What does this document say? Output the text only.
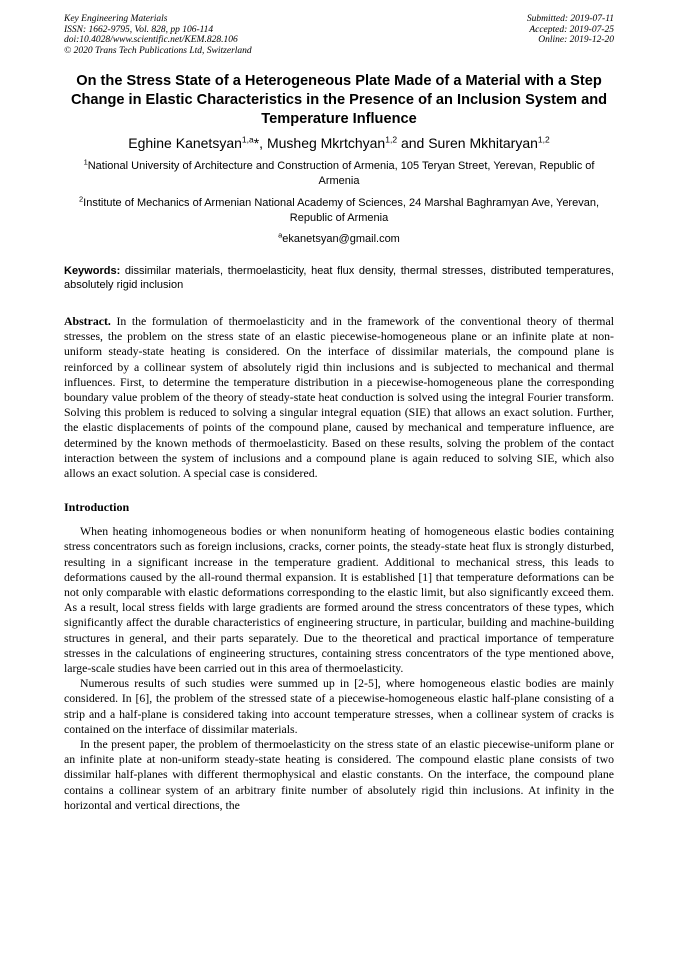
Key Engineering Materials
ISSN: 1662-9795, Vol. 828, pp 106-114
doi:10.4028/www.scientific.net/KEM.828.106
© 2020 Trans Tech Publications Ltd, Switzerland
Submitted: 2019-07-11
Accepted: 2019-07-25
Online: 2019-12-20
On the Stress State of a Heterogeneous Plate Made of a Material with a Step Change in Elastic Characteristics in the Presence of an Inclusion System and Temperature Influence
Eghine Kanetsyan$^{1,a}$*, Musheg Mkrtchyan$^{1,2}$ and Suren Mkhitaryan$^{1,2}$
$^1$National University of Architecture and Construction of Armenia, 105 Teryan Street, Yerevan, Republic of Armenia
$^2$Institute of Mechanics of Armenian National Academy of Sciences, 24 Marshal Baghramyan Ave, Yerevan, Republic of Armenia
$^a$ekanetsyan@gmail.com
Keywords: dissimilar materials, thermoelasticity, heat flux density, thermal stresses, distributed temperatures, absolutely rigid inclusion
Abstract. In the formulation of thermoelasticity and in the framework of the conventional theory of thermal stresses, the problem on the stress state of an elastic piecewise-homogeneous plane or an infinite plate at non-uniform steady-state heating is considered. On the interface of dissimilar materials, the compound plane is reinforced by a collinear system of absolutely rigid thin inclusions and is subjected to mechanical and thermal influences. First, to determine the temperature distribution in a piecewise-homogeneous plane the corresponding boundary value problem of the theory of steady-state heat conduction is solved using the integral Fourier transform. Solving this problem is reduced to solving a singular integral equation (SIE) that allows an exact solution. Further, the elastic displacements of points of the compound plane, caused by mechanical and temperature influence, are determined by the known methods of thermoelasticity. Based on these results, solving the problem of the contact interaction between the system of inclusions and a compound plane is again reduced to solving SIE, which also allows an exact solution. A special case is considered.
Introduction

When heating inhomogeneous bodies or when nonuniform heating of homogeneous elastic bodies containing stress concentrators such as foreign inclusions, cracks, corner points, the steady-state heat flux is strongly disturbed, resulting in a significant increase in the temperature gradient. Additional to mechanical stress, this leads to deformations caused by the all-round thermal expansion. It is established [1] that temperature deformations can be not only comparable with elastic deformations corresponding to the elastic limit, but also significantly exceed them. As a result, local stress fields with large gradients are formed around the stress concentrators of these types, which significantly affect the durable characteristics of engineering structure, in particular, building and machine-building structures in general, and their parts separately. Due to the theoretical and practical importance of temperature stresses in the calculations of engineering structures, containing stress concentrators of the type mentioned above, large-scale studies have been carried out in this area of thermoelasticity.

Numerous results of such studies were summed up in [2-5], where homogeneous elastic bodies are mainly considered. In [6], the problem of the stressed state of a piecewise-homogeneous elastic half-plane consisting of a strip and a half-plane is considered taking into account temperature stresses, when a collinear system of cracks is contained on the interface of dissimilar materials.

In the present paper, the problem of thermoelasticity on the stress state of an elastic piecewise-uniform plane or an infinite plate at non-uniform steady-state heating is considered. The compound elastic plane consists of two dissimilar half-planes with different thermophysical and elastic constants. On the interface, the compound plane contains a collinear system of an arbitrary finite number of absolutely rigid thin inclusions. At infinity in the horizontal and vertical directions, the
